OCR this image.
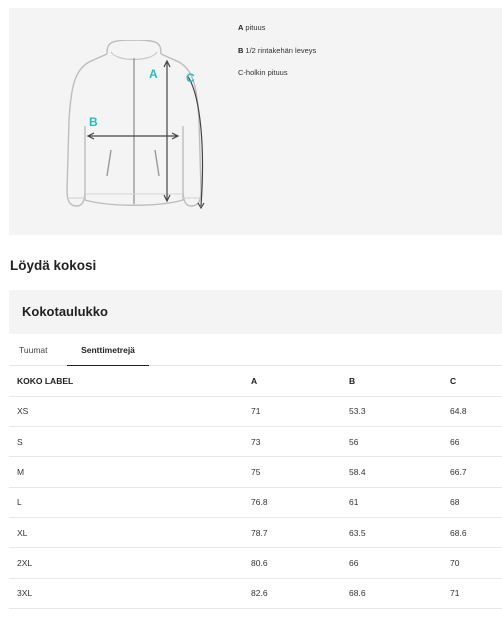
A
B
C
A pituus
B 1/2 rintakehän leveys
C-holkin pituus
Löydä kokosi
Kokotaulukko
Tuumat	Senttimetrejä
KOKO LABEL	A	B	C
XS	71	53.3	64.8
S	73	56	66
M	75	58.4	66.7
L	76.8	61	68
XL	78.7	63.5	68.6
2XL	80.6	66	70
3XL	82.6	68.6	71
